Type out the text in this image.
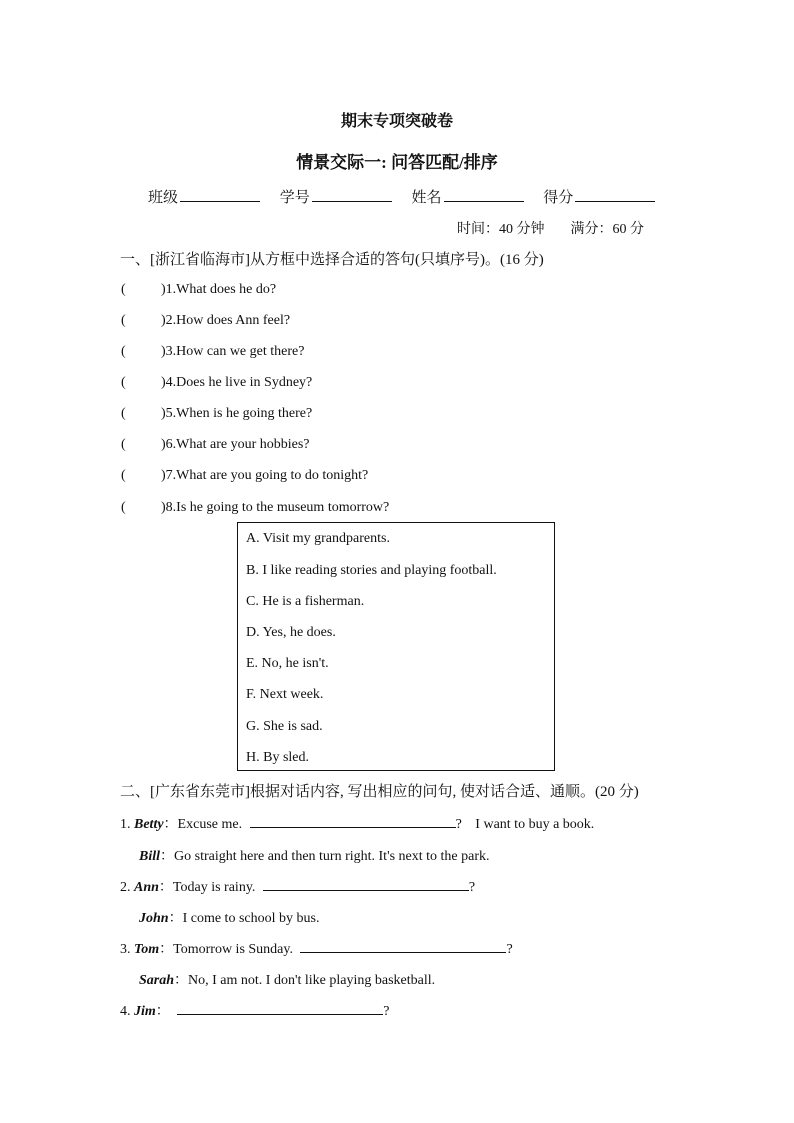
期末专项突破卷
情景交际一: 问答匹配/排序
班级	学号	姓名	得分
时间：40 分钟 满分：60 分
一、[浙江省临海市]从方框中选择合适的答句(只填序号)。(16 分)
(	)1.What does he do?
(	)2.How does Ann feel?
(	)3.How can we get there?
(	)4.Does he live in Sydney?
(	)5.When is he going there?
(	)6.What are your hobbies?
(	)7.What are you going to do tonight?
(	)8.Is he going to the museum tomorrow?
A. Visit my grandparents.
B. I like reading stories and playing football.
C. He is a fisherman.
D. Yes, he does.
E. No, he isn't.
F. Next week.
G. She is sad.
H. By sled.
二、[广东省东莞市]根据对话内容, 写出相应的问句, 使对话合适、通顺。(20 分)
1. Betty：Excuse me.	? I want to buy a book.
Bill：Go straight here and then turn right. It's next to the park.
2. Ann：Today is rainy.	?
John：I come to school by bus.
3. Tom：Tomorrow is Sunday.	?
Sarah：No, I am not. I don't like playing basketball.
4. Jim：	?
